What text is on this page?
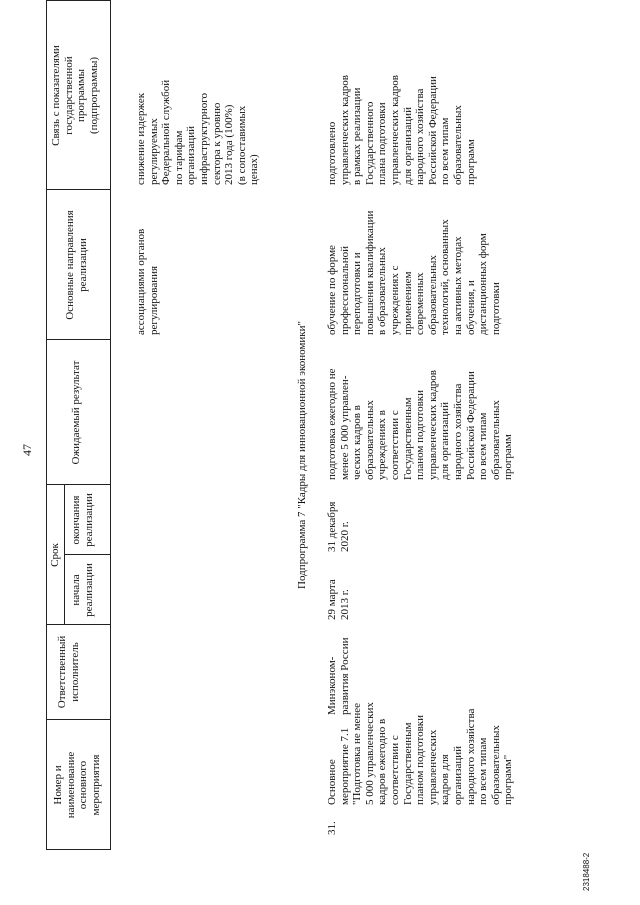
47
Номер и
наименование
основного
мероприятия
Ответственный
исполнитель
Срок
начала
реализации
окончания
реализации
Ожидаемый результат
Основные направления
реализации
Связь с показателями
государственной
программы
(подпрограммы)
ассоциациями органов
регулирования
снижение издержек
регулируемых
Федеральной службой
по тарифам
организаций
инфраструктурного
сектора к уровню
2013 года (100%)
(в сопоставимых
ценах)
Подпрограмма 7 "Кадры для инновационной экономики"
31.
Основное
мероприятие 7.1
"Подготовка не менее
5 000 управленческих
кадров ежегодно в
соответствии с
Государственным
планом подготовки
управленческих
кадров для
организаций
народного хозяйства
по всем типам
образовательных
программ"
Минэконом-
развития России
29 марта
2013 г.
31 декабря
2020 г.
подготовка ежегодно не
менее 5 000 управлен-
ческих кадров в
образовательных
учреждениях в
соответствии с
Государственным
планом подготовки
управленческих кадров
для организаций
народного хозяйства
Российской Федерации
по всем типам
образовательных
программ
обучение по форме
профессиональной
переподготовки и
повышения квалификации
в образовательных
учреждениях с
применением
современных
образовательных
технологий, основанных
на активных методах
обучения, и
дистанционных форм
подготовки
подготовлено
управленческих кадров
в рамках реализации
Государственного
плана подготовки
управленческих кадров
для организаций
народного хозяйства
Российской Федерации
по всем типам
образовательных
программ
2318488-2
